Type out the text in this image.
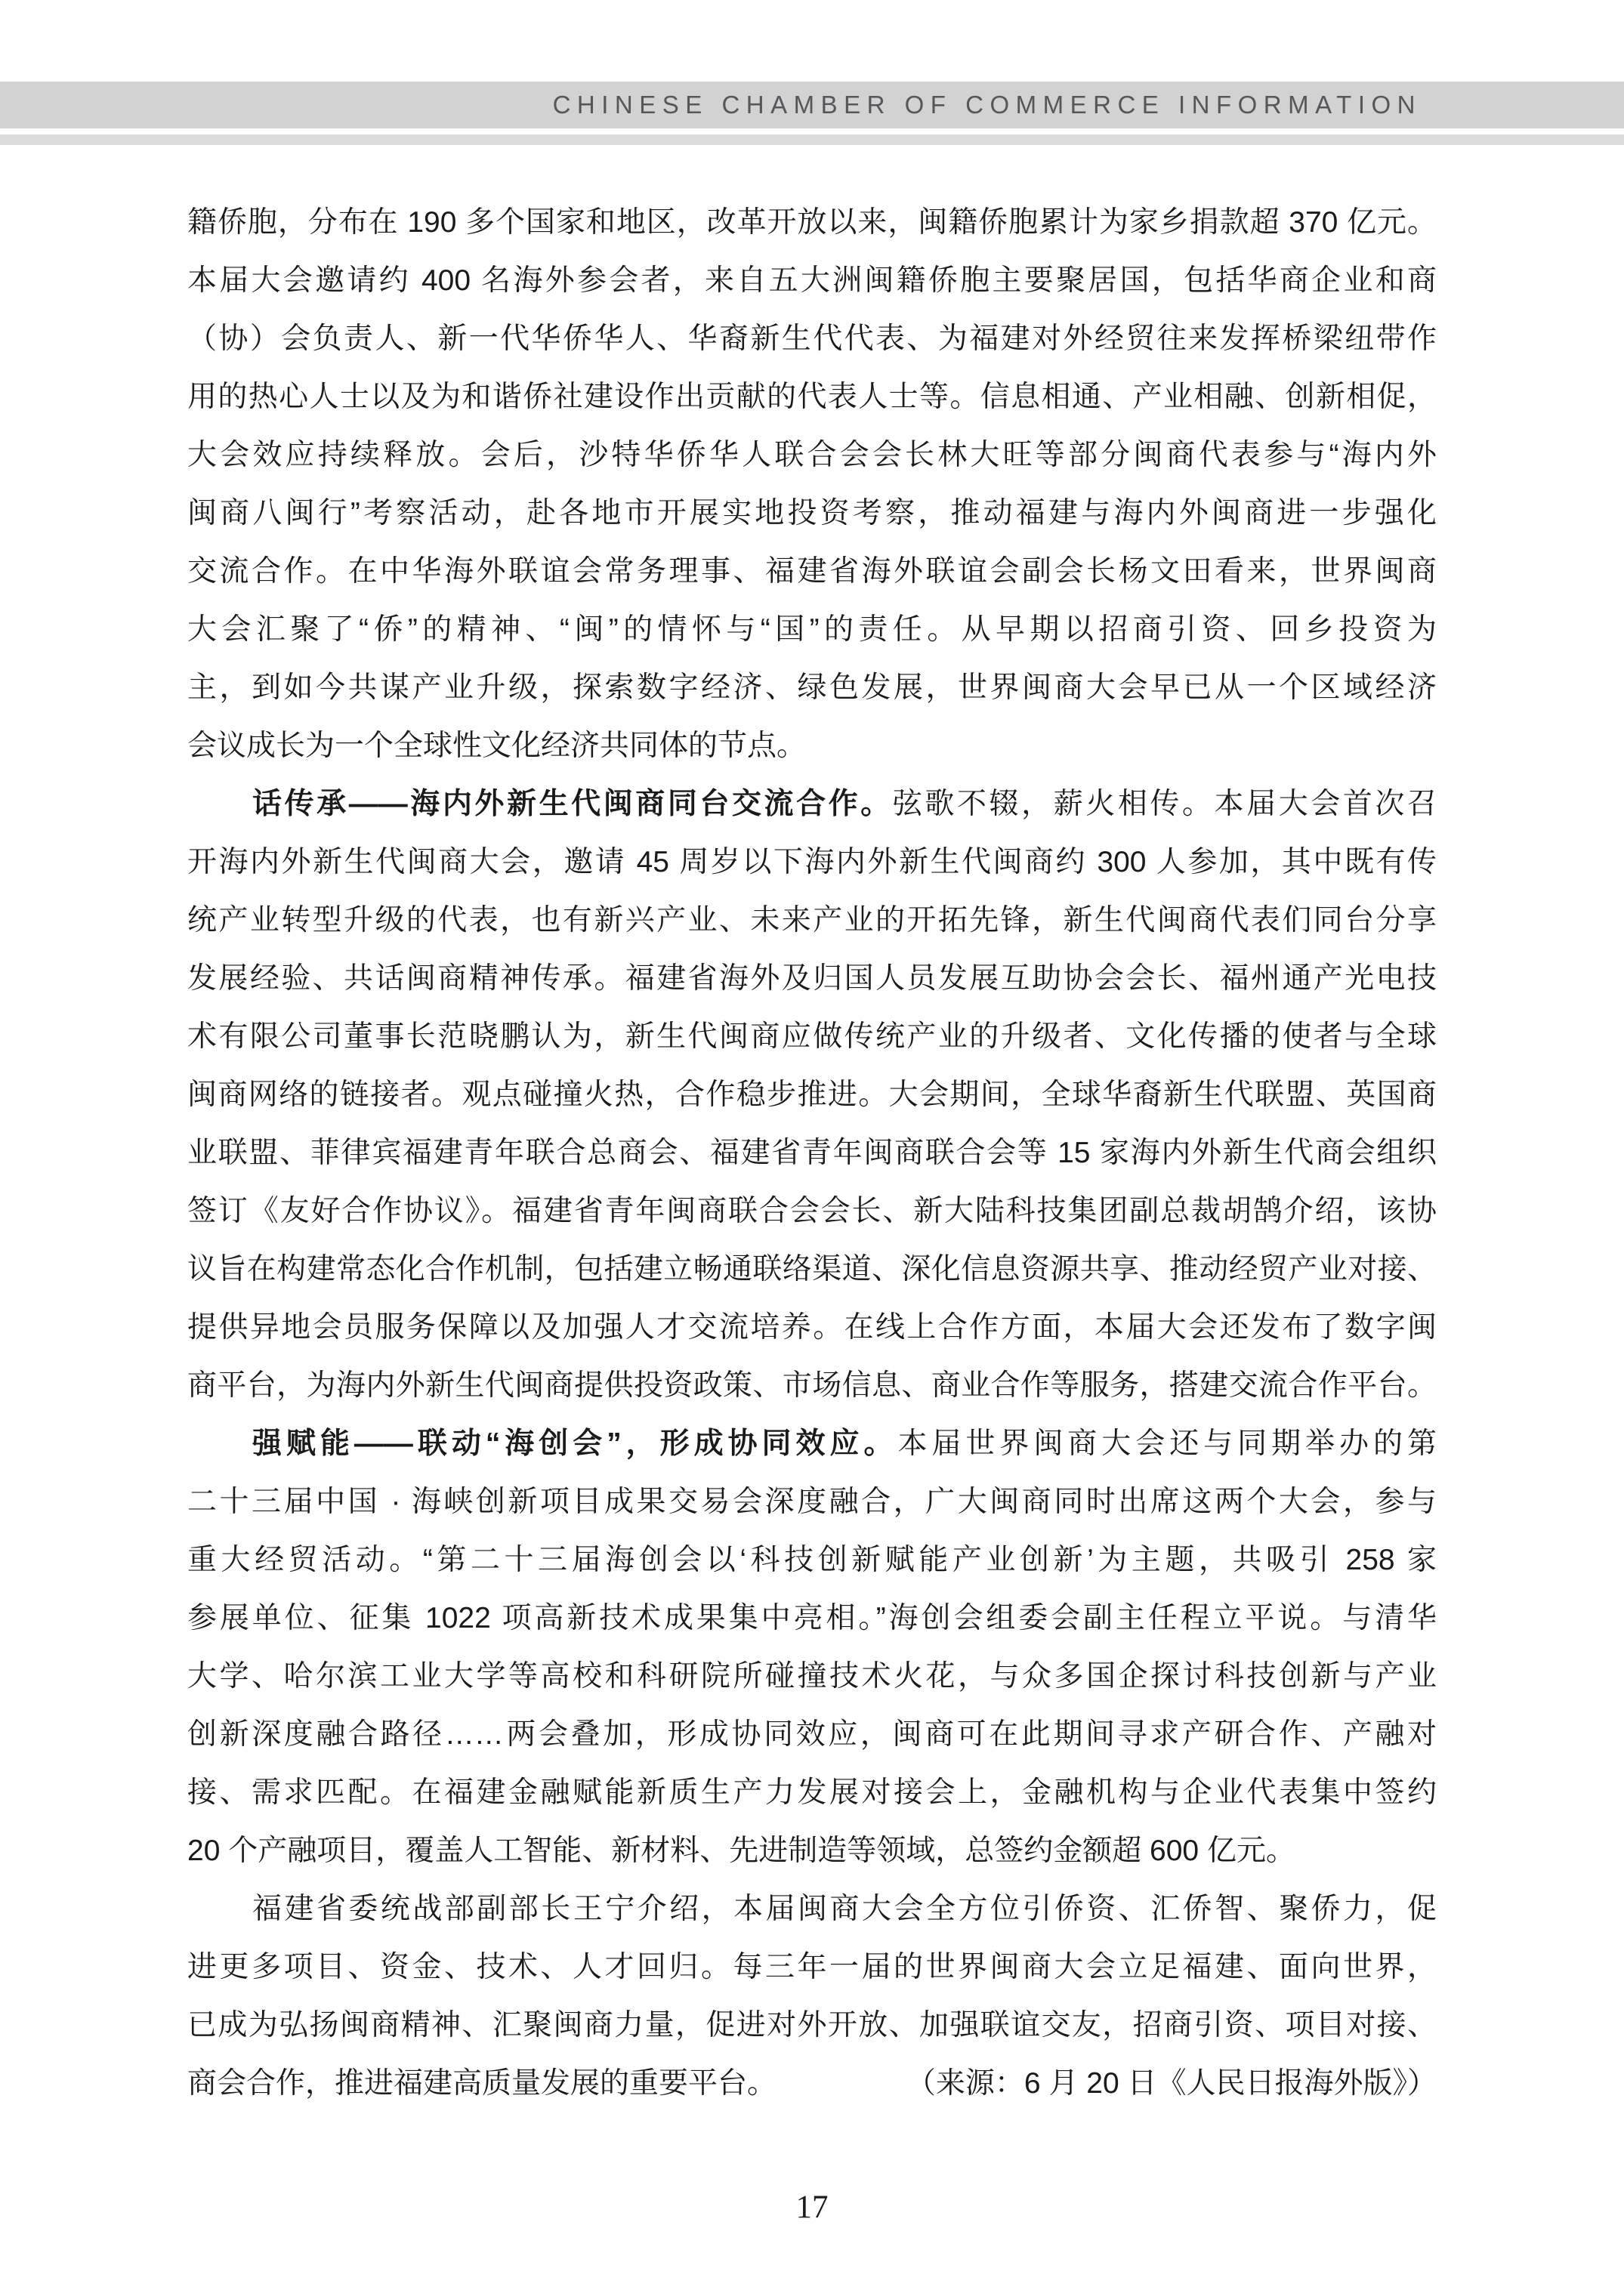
CHINESE CHAMBER OF COMMERCE INFORMATION
籍侨胞，分布在 190 多个国家和地区，改革开放以来，闽籍侨胞累计为家乡捐款超 370 亿元。
本届大会邀请约 400 名海外参会者，来自五大洲闽籍侨胞主要聚居国，包括华商企业和商
（协）会负责人、新一代华侨华人、华裔新生代代表、为福建对外经贸往来发挥桥梁纽带作
用的热心人士以及为和谐侨社建设作出贡献的代表人士等。信息相通、产业相融、创新相促，
大会效应持续释放。会后，沙特华侨华人联合会会长林大旺等部分闽商代表参与“海内外
闽商八闽行”考察活动，赴各地市开展实地投资考察，推动福建与海内外闽商进一步强化
交流合作。在中华海外联谊会常务理事、福建省海外联谊会副会长杨文田看来，世界闽商
大会汇聚了“侨”的精神、“闽”的情怀与“国”的责任。从早期以招商引资、回乡投资为
主，到如今共谋产业升级，探索数字经济、绿色发展，世界闽商大会早已从一个区域经济
会议成长为一个全球性文化经济共同体的节点。
话传承——海内外新生代闽商同台交流合作。弦歌不辍，薪火相传。本届大会首次召
开海内外新生代闽商大会，邀请 45 周岁以下海内外新生代闽商约 300 人参加，其中既有传
统产业转型升级的代表，也有新兴产业、未来产业的开拓先锋，新生代闽商代表们同台分享
发展经验、共话闽商精神传承。福建省海外及归国人员发展互助协会会长、福州通产光电技
术有限公司董事长范晓鹏认为，新生代闽商应做传统产业的升级者、文化传播的使者与全球
闽商网络的链接者。观点碰撞火热，合作稳步推进。大会期间，全球华裔新生代联盟、英国商
业联盟、菲律宾福建青年联合总商会、福建省青年闽商联合会等 15 家海内外新生代商会组织
签订《友好合作协议》。福建省青年闽商联合会会长、新大陆科技集团副总裁胡鹄介绍，该协
议旨在构建常态化合作机制，包括建立畅通联络渠道、深化信息资源共享、推动经贸产业对接、
提供异地会员服务保障以及加强人才交流培养。在线上合作方面，本届大会还发布了数字闽
商平台，为海内外新生代闽商提供投资政策、市场信息、商业合作等服务，搭建交流合作平台。
强赋能——联动“海创会”，形成协同效应。本届世界闽商大会还与同期举办的第
二十三届中国 · 海峡创新项目成果交易会深度融合，广大闽商同时出席这两个大会，参与
重大经贸活动。“第二十三届海创会以‘科技创新赋能产业创新’为主题，共吸引 258 家
参展单位、征集 1022 项高新技术成果集中亮相。”海创会组委会副主任程立平说。与清华
大学、哈尔滨工业大学等高校和科研院所碰撞技术火花，与众多国企探讨科技创新与产业
创新深度融合路径……两会叠加，形成协同效应，闽商可在此期间寻求产研合作、产融对
接、需求匹配。在福建金融赋能新质生产力发展对接会上，金融机构与企业代表集中签约
20 个产融项目，覆盖人工智能、新材料、先进制造等领域，总签约金额超 600 亿元。
福建省委统战部副部长王宁介绍，本届闽商大会全方位引侨资、汇侨智、聚侨力，促
进更多项目、资金、技术、人才回归。每三年一届的世界闽商大会立足福建、面向世界，
已成为弘扬闽商精神、汇聚闽商力量，促进对外开放、加强联谊交友，招商引资、项目对接、
商会合作，推进福建高质量发展的重要平台。	（来源：6 月 20 日《人民日报海外版》）
17
